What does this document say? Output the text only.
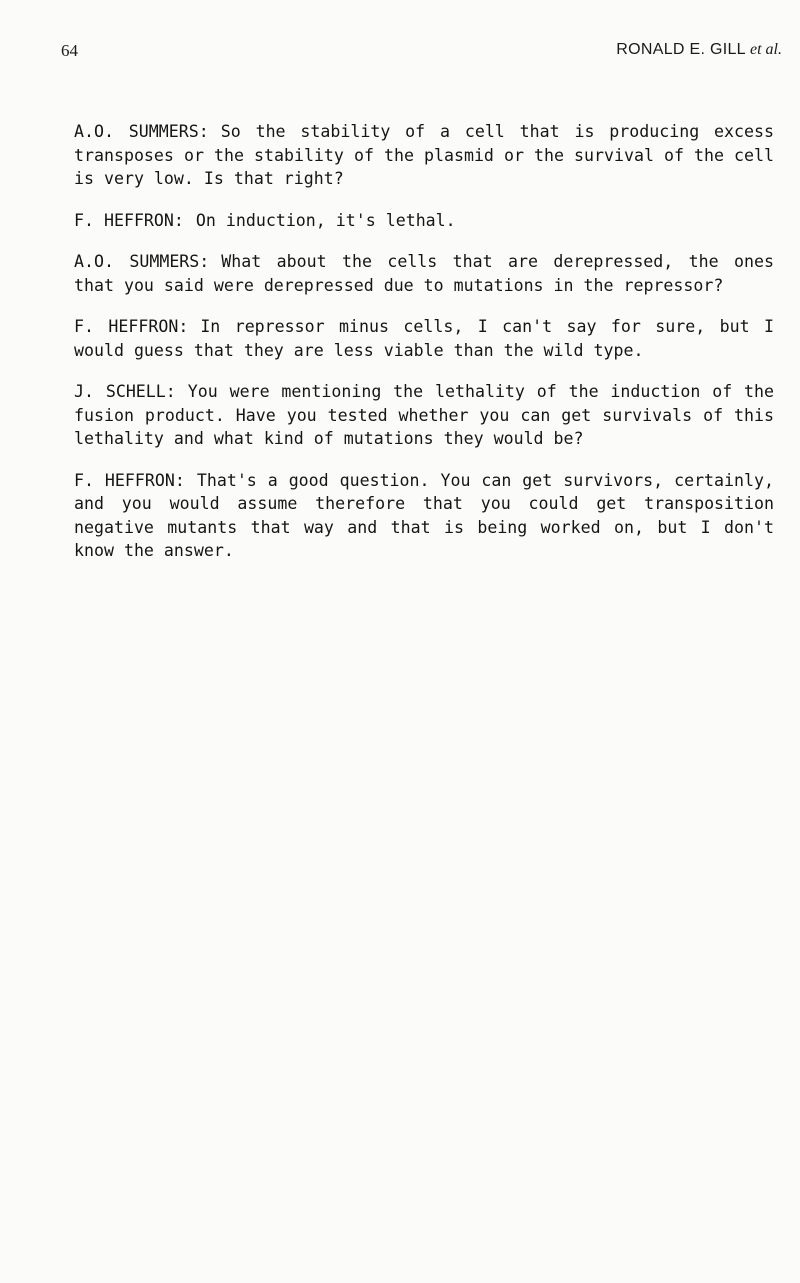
64	RONALD E. GILL et al.

A.O. SUMMERS: So the stability of a cell that is producing excess transposes or the stability of the plasmid or the survival of the cell is very low. Is that right?

F. HEFFRON: On induction, it's lethal.

A.O. SUMMERS: What about the cells that are derepressed, the ones that you said were derepressed due to mutations in the repressor?

F. HEFFRON: In repressor minus cells, I can't say for sure, but I would guess that they are less viable than the wild type.

J. SCHELL: You were mentioning the lethality of the induction of the fusion product. Have you tested whether you can get survivals of this lethality and what kind of mutations they would be?

F. HEFFRON: That's a good question. You can get survivors, certainly, and you would assume therefore that you could get transposition negative mutants that way and that is being worked on, but I don't know the answer.
